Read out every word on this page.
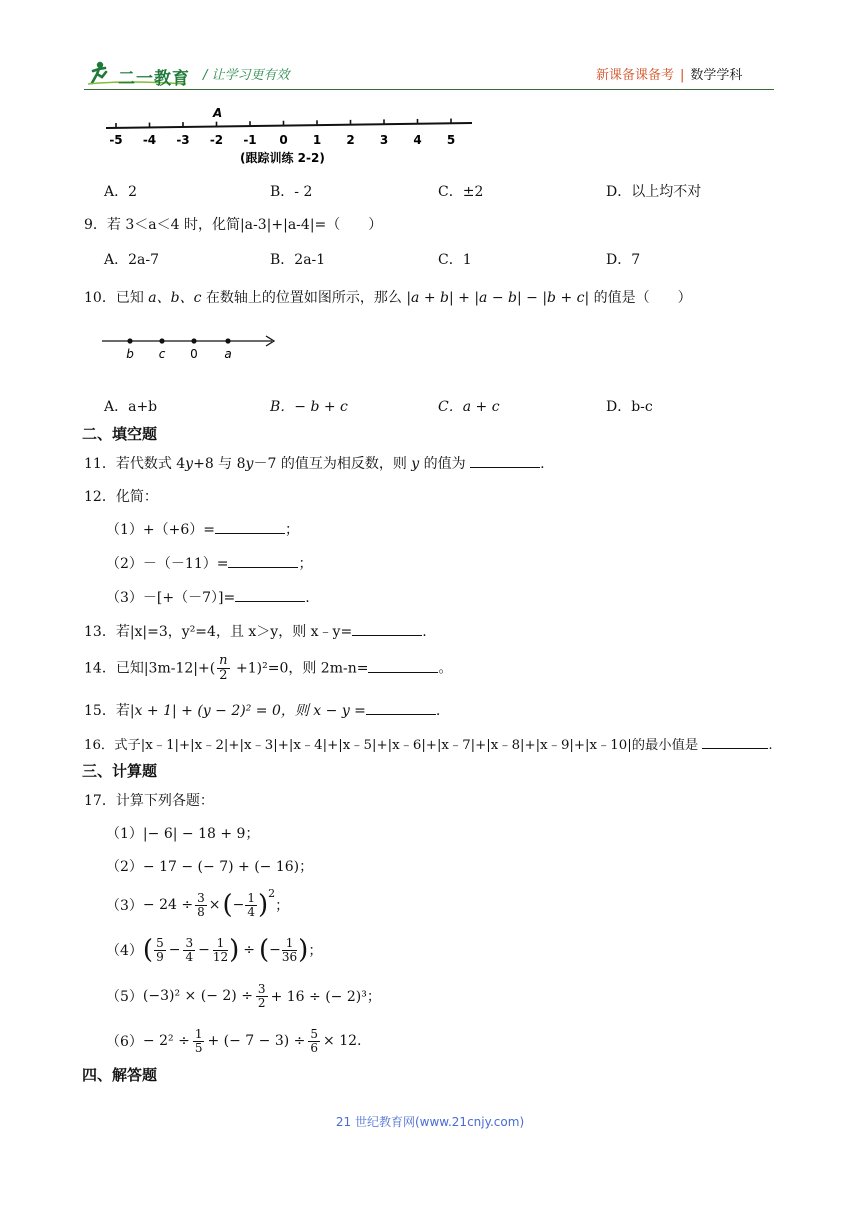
二一教育 / 让学习更有效	新课备课备考 | 数学学科
-5 -4 -3 -2 -1 0 1 2 3 4 5
A
(跟踪训练 2-2)
A．2	B．- 2	C．±2	D．以上均不对
9．若 3＜a＜4 时，化简|a-3|+|a-4|=（　　）
A．2a-7	B．2a-1	C．1	D．7
10．已知 a、b、c 在数轴上的位置如图所示，那么 |a + b| + |a − b| − |b + c| 的值是（　　）
b c 0 a
A．a+b	B．− b + c	C．a + c	D．b-c
二、填空题
11．若代数式 4y+8 与 8y－7 的值互为相反数，则 y 的值为	.
12．化简：
（1）+（+6）=	；
（2）－（－11）=	；
（3）－[+（－7）]=	.
13．若|x|=3，y²=4，且 x＞y，则 x﹣y=	.
14．已知$|3m-12|+( \frac{n}{2} +1)^2=0$，则 2m-n=	。
15．若|x + 1| + (y − 2)² = 0，则 x − y =	.
16．式子|x﹣1|+|x﹣2|+|x﹣3|+|x﹣4|+|x﹣5|+|x﹣6|+|x﹣7|+|x﹣8|+|x﹣9|+|x﹣10|的最小值是	.
三、计算题
17．计算下列各题：
（1）|− 6| − 18 + 9；
（2）− 17 − (− 7) + (− 16)；
$(3) - 24 \div \frac{3}{8}$ × ( − $\frac{1}{4}$ ) 2
；
（4） ( $\frac{5}{9} - \frac{3}{4} - \frac{1}{12}$ ) ÷ ( − $\frac{1}{36}$ ) ；
（5） (−3)² × (− $2) \div \frac{3}{2} + 16$ ÷ (− 2)³；
$(6) - 2^2 \div \frac{1}{5}$ + (− $7 - 3) \div \frac{5}{6} \times 12$.
四、解答题
21 世纪教育网(www.21cnjy.com)
